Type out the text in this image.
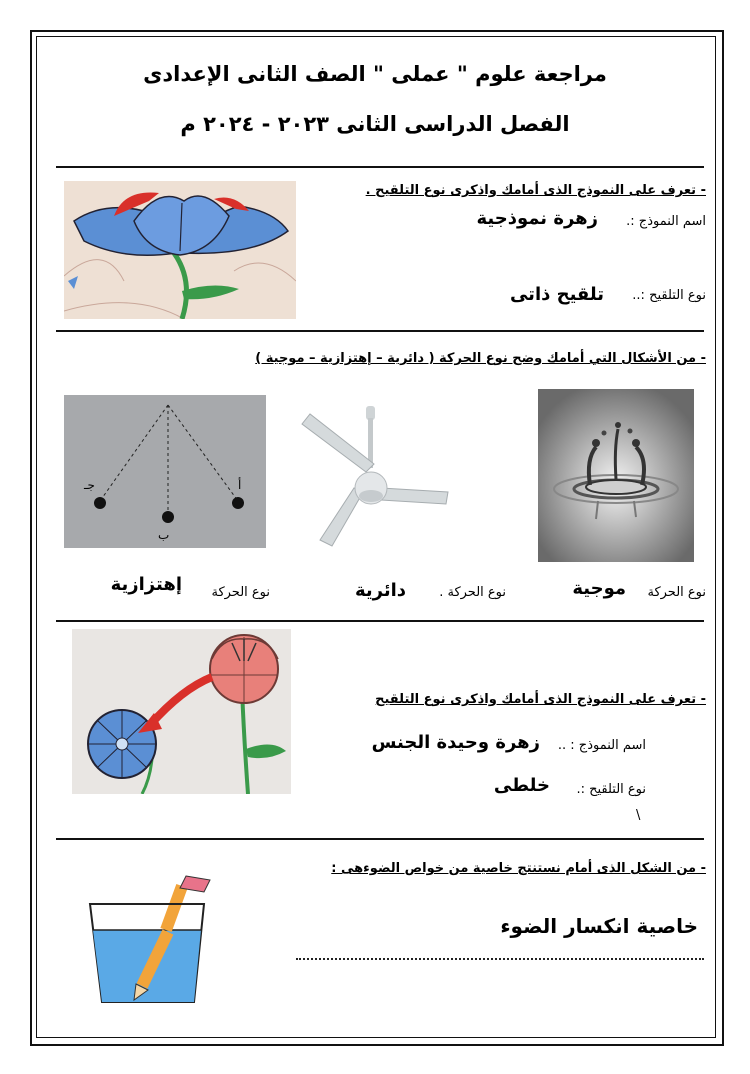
مراجعة علوم " عملى " الصف الثانى الإعدادى
الفصل الدراسى الثانى ٢٠٢٣ - ٢٠٢٤ م
- تعرف على النموذج الذى أمامك واذكرى نوع التلقيح .
اسم النموذج :.
زهرة نموذجية
نوع التلقيح :..
تلقيح ذاتى
- من الأشكال التي أمامك وضح نوع الحركة ( دائرية – إهتزازية – موجية )
جـ
ب
أ
نوع الحركة
موجية
نوع الحركة .
دائرية
نوع الحركة
إهتزازية
- تعرف على النموذج الذى أمامك واذكرى نوع التلقيح
اسم النموذج : ..
زهرة وحيدة الجنس
نوع التلقيح :.
خلطى
\
- من الشكل الذى أمام نستنتج خاصية من خواص الضوءهى :
خاصية انكسار الضوء
